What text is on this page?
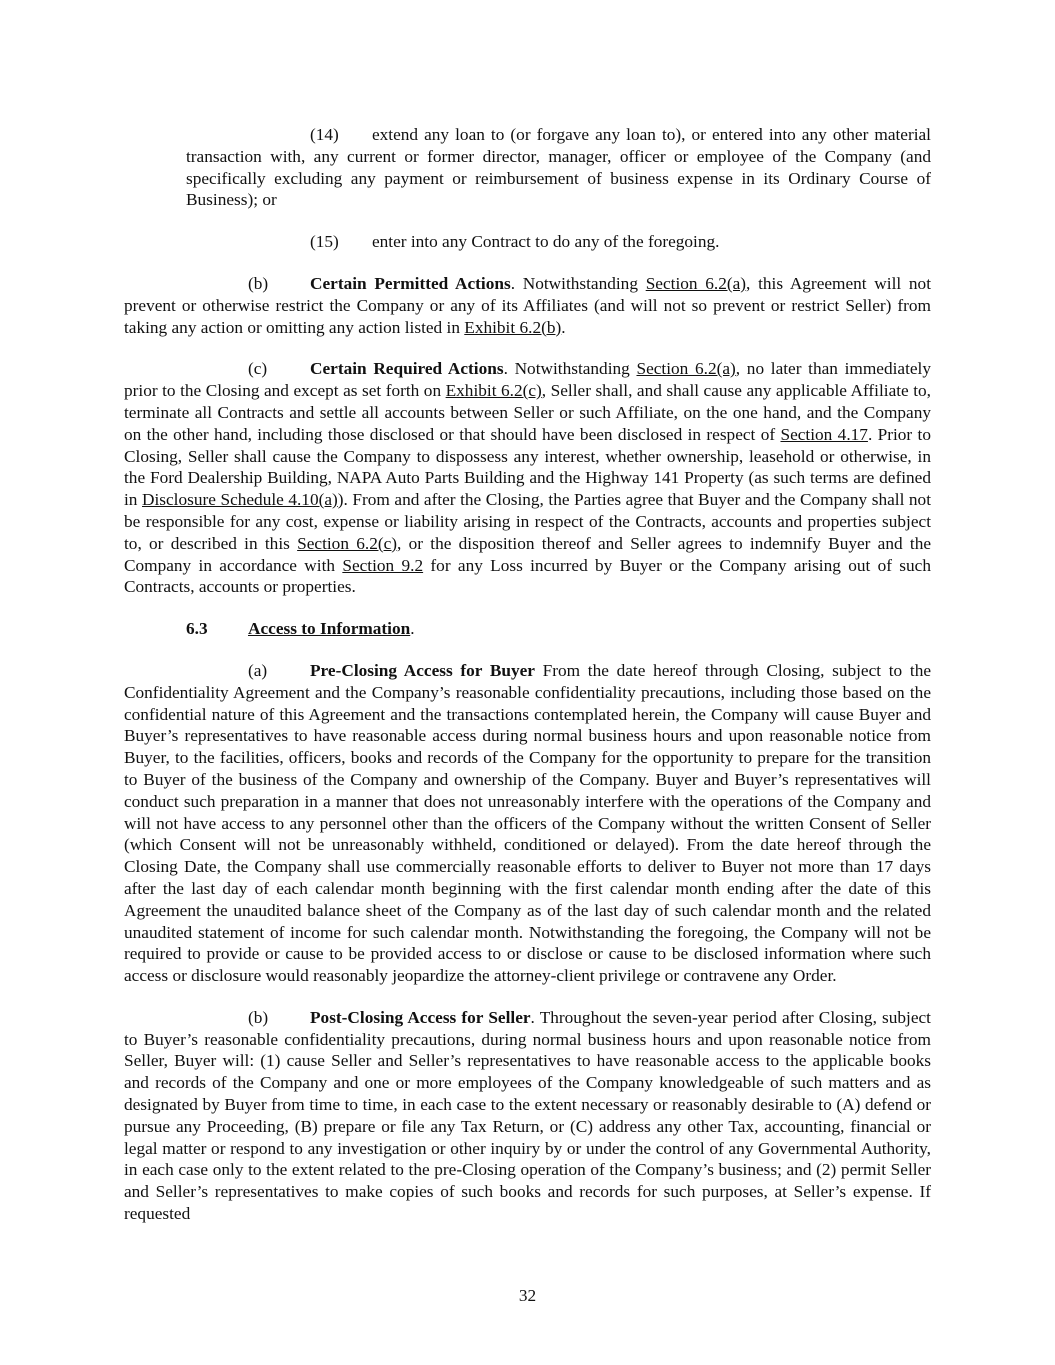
(14) extend any loan to (or forgave any loan to), or entered into any other material transaction with, any current or former director, manager, officer or employee of the Company (and specifically excluding any payment or reimbursement of business expense in its Ordinary Course of Business); or

(15) enter into any Contract to do any of the foregoing.

(b) Certain Permitted Actions. Notwithstanding Section 6.2(a), this Agreement will not prevent or otherwise restrict the Company or any of its Affiliates (and will not so prevent or restrict Seller) from taking any action or omitting any action listed in Exhibit 6.2(b).

(c) Certain Required Actions. Notwithstanding Section 6.2(a), no later than immediately prior to the Closing and except as set forth on Exhibit 6.2(c), Seller shall, and shall cause any applicable Affiliate to, terminate all Contracts and settle all accounts between Seller or such Affiliate, on the one hand, and the Company on the other hand, including those disclosed or that should have been disclosed in respect of Section 4.17. Prior to Closing, Seller shall cause the Company to dispossess any interest, whether ownership, leasehold or otherwise, in the Ford Dealership Building, NAPA Auto Parts Building and the Highway 141 Property (as such terms are defined in Disclosure Schedule 4.10(a)). From and after the Closing, the Parties agree that Buyer and the Company shall not be responsible for any cost, expense or liability arising in respect of the Contracts, accounts and properties subject to, or described in this Section 6.2(c), or the disposition thereof and Seller agrees to indemnify Buyer and the Company in accordance with Section 9.2 for any Loss incurred by Buyer or the Company arising out of such Contracts, accounts or properties.

6.3 Access to Information.

(a) Pre-Closing Access for Buyer From the date hereof through Closing, subject to the Confidentiality Agreement and the Company’s reasonable confidentiality precautions, including those based on the confidential nature of this Agreement and the transactions contemplated herein, the Company will cause Buyer and Buyer’s representatives to have reasonable access during normal business hours and upon reasonable notice from Buyer, to the facilities, officers, books and records of the Company for the opportunity to prepare for the transition to Buyer of the business of the Company and ownership of the Company. Buyer and Buyer’s representatives will conduct such preparation in a manner that does not unreasonably interfere with the operations of the Company and will not have access to any personnel other than the officers of the Company without the written Consent of Seller (which Consent will not be unreasonably withheld, conditioned or delayed). From the date hereof through the Closing Date, the Company shall use commercially reasonable efforts to deliver to Buyer not more than 17 days after the last day of each calendar month beginning with the first calendar month ending after the date of this Agreement the unaudited balance sheet of the Company as of the last day of such calendar month and the related unaudited statement of income for such calendar month. Notwithstanding the foregoing, the Company will not be required to provide or cause to be provided access to or disclose or cause to be disclosed information where such access or disclosure would reasonably jeopardize the attorney-client privilege or contravene any Order.

(b) Post-Closing Access for Seller. Throughout the seven-year period after Closing, subject to Buyer’s reasonable confidentiality precautions, during normal business hours and upon reasonable notice from Seller, Buyer will: (1) cause Seller and Seller’s representatives to have reasonable access to the applicable books and records of the Company and one or more employees of the Company knowledgeable of such matters and as designated by Buyer from time to time, in each case to the extent necessary or reasonably desirable to (A) defend or pursue any Proceeding, (B) prepare or file any Tax Return, or (C) address any other Tax, accounting, financial or legal matter or respond to any investigation or other inquiry by or under the control of any Governmental Authority, in each case only to the extent related to the pre-Closing operation of the Company’s business; and (2) permit Seller and Seller’s representatives to make copies of such books and records for such purposes, at Seller’s expense. If requested

32
